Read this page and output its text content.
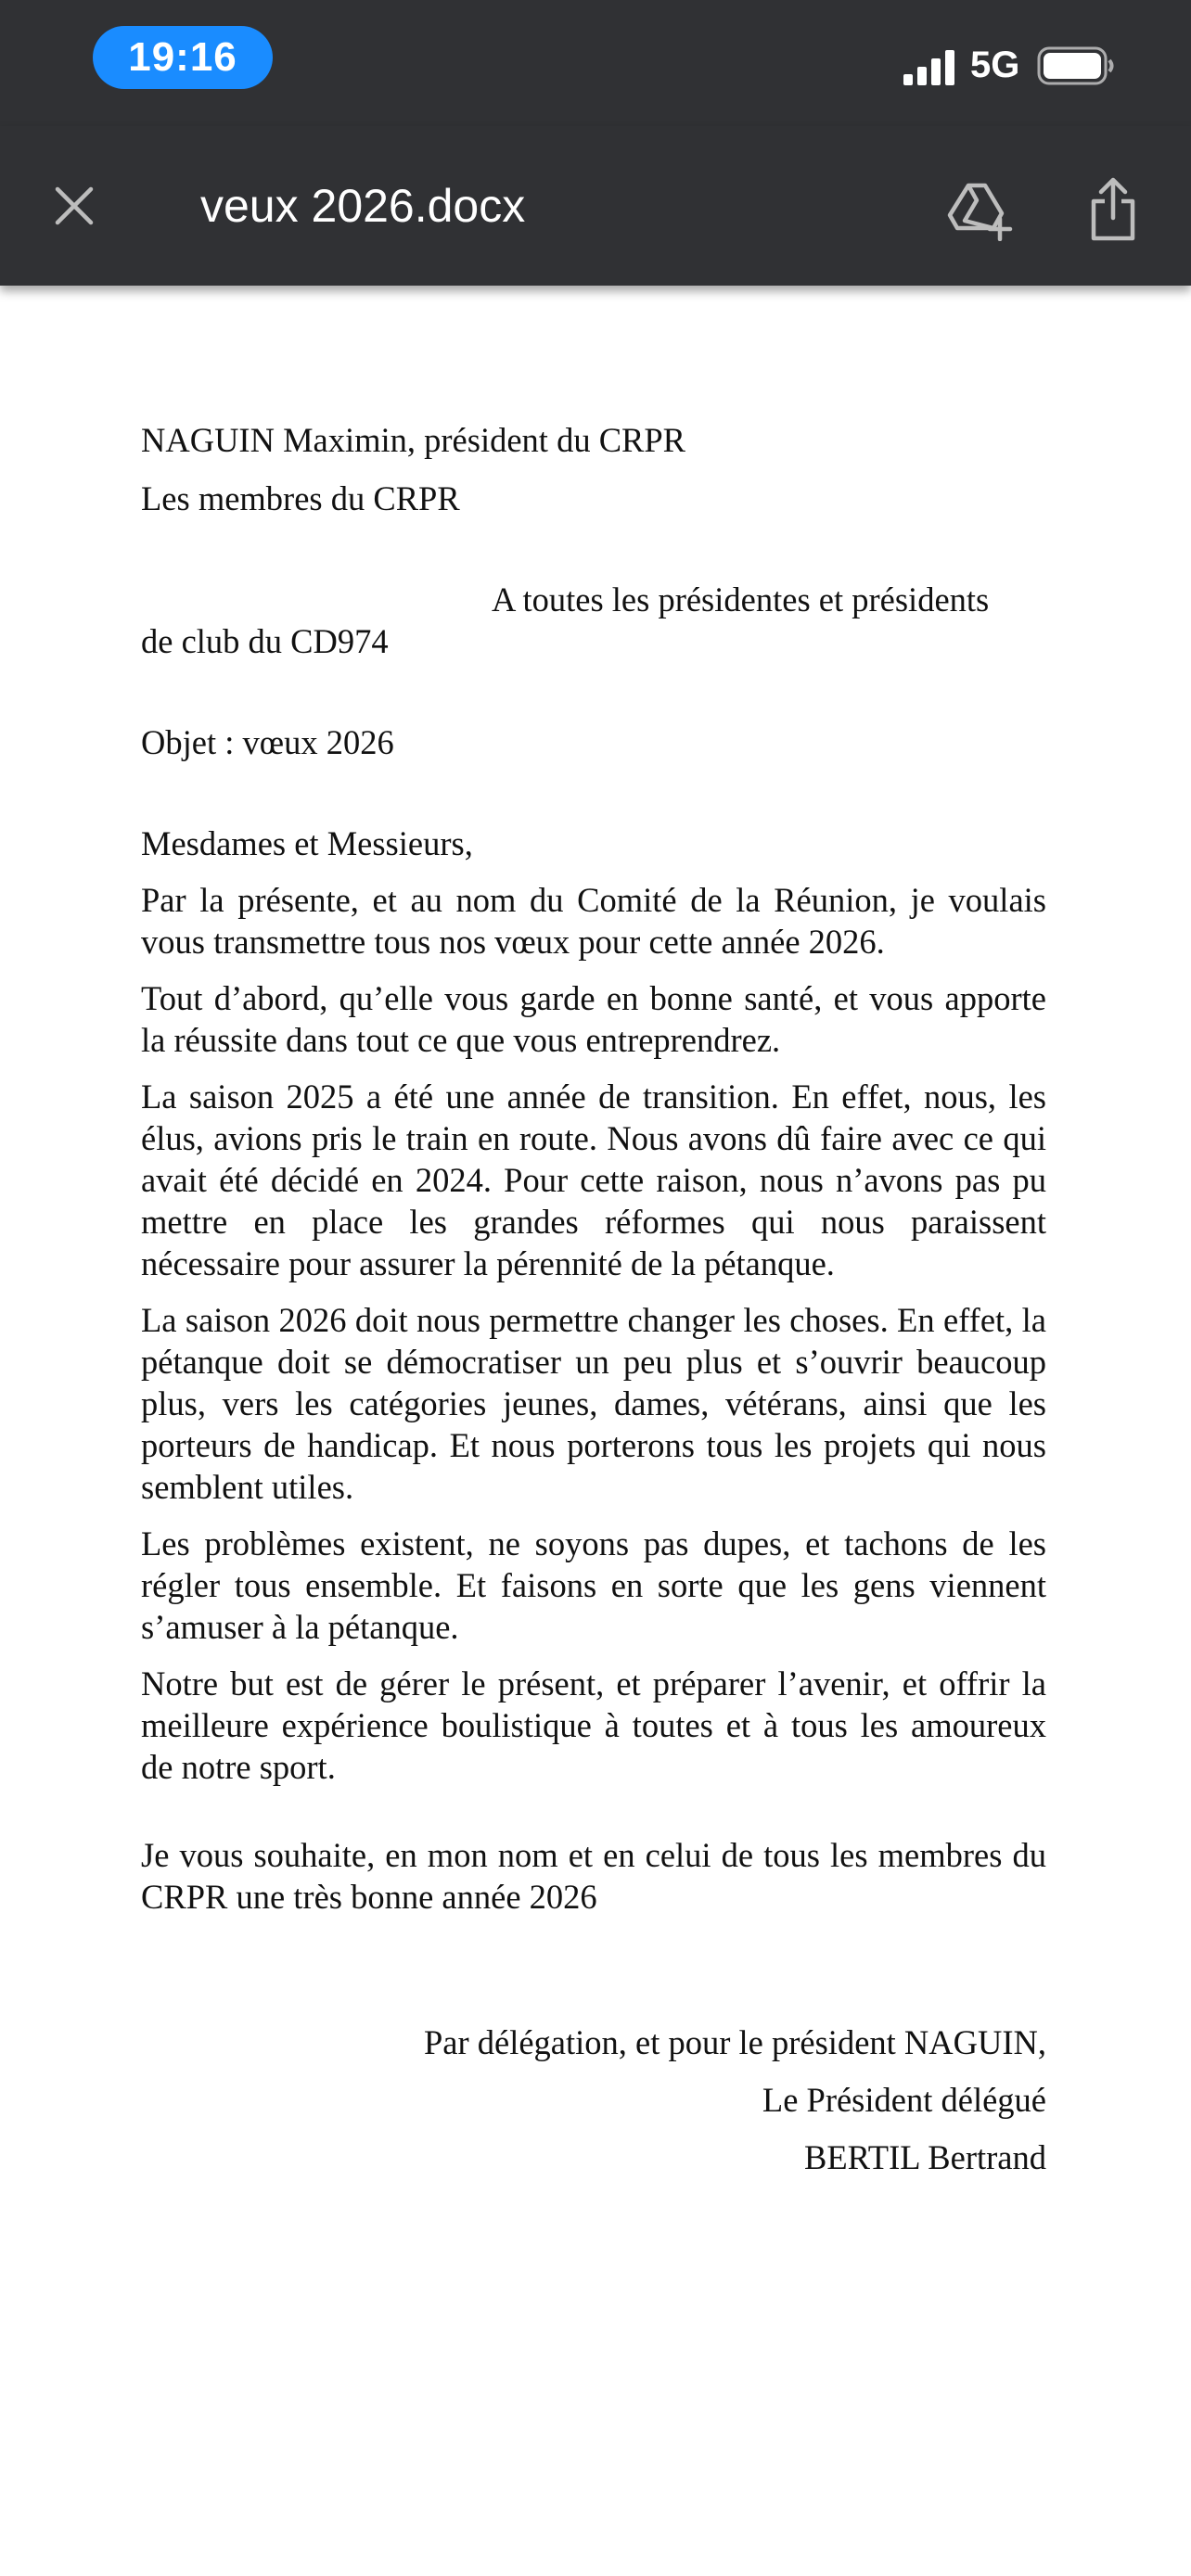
19:16	5G
veux 2026.docx

NAGUIN Maximin, président du CRPR

Les membres du CRPR

A toutes les présidentes et présidents

de club du CD974

Objet : vœux 2026

Mesdames et Messieurs,

Par la présente, et au nom du Comité de la Réunion, je voulais vous transmettre tous nos vœux pour cette année 2026.

Tout d’abord, qu’elle vous garde en bonne santé, et vous apporte la réussite dans tout ce que vous entreprendrez.

La saison 2025 a été une année de transition. En effet, nous, les élus, avions pris le train en route. Nous avons dû faire avec ce qui avait été décidé en 2024. Pour cette raison, nous n’avons pas pu mettre en place les grandes réformes qui nous paraissent nécessaire pour assurer la pérennité de la pétanque.

La saison 2026 doit nous permettre changer les choses. En effet, la pétanque doit se démocratiser un peu plus et s’ouvrir beaucoup plus, vers les catégories jeunes, dames, vétérans, ainsi que les porteurs de handicap. Et nous porterons tous les projets qui nous semblent utiles.

Les problèmes existent, ne soyons pas dupes, et tachons de les régler tous ensemble. Et faisons en sorte que les gens viennent s’amuser à la pétanque.

Notre but est de gérer le présent, et préparer l’avenir, et offrir la meilleure expérience boulistique à toutes et à tous les amoureux de notre sport.

Je vous souhaite, en mon nom et en celui de tous les membres du CRPR une très bonne année 2026

Par délégation, et pour le président NAGUIN,

Le Président délégué

BERTIL Bertrand
